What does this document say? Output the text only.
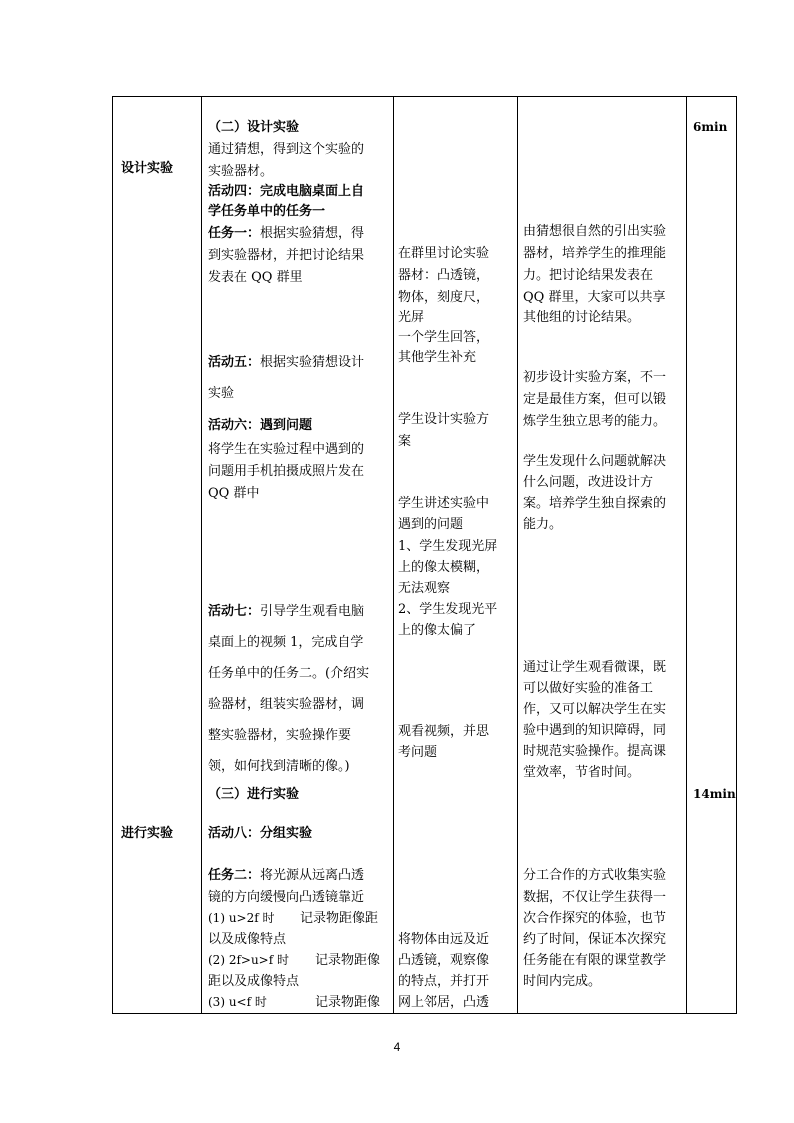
设计实验
进行实验
6min
14min
（二）设计实验
通过猜想，得到这个实验的
实验器材。
活动四：完成电脑桌面上自
学任务单中的任务一
任务一：根据实验猜想，得
到实验器材，并把讨论结果
发表在 QQ 群里
活动五：根据实验猜想设计
实验
活动六：遇到问题
将学生在实验过程中遇到的
问题用手机拍摄成照片发在
QQ 群中
活动七：引导学生观看电脑
桌面上的视频 1，完成自学
任务单中的任务二。(介绍实
验器材，组装实验器材，调
整实验器材，实验操作要
领，如何找到清晰的像。)
（三）进行实验
活动八：分组实验
任务二：将光源从远离凸透
镜的方向缓慢向凸透镜靠近
(1) u>2f 时 记录物距像距
以及成像特点
(2) 2f>u>f 时 记录物距像
距以及成像特点
(3) u<f 时	记录物距像
在群里讨论实验
器材：凸透镜，
物体，刻度尺，
光屏
一个学生回答，
其他学生补充
学生设计实验方
案
学生讲述实验中
遇到的问题
1、学生发现光屏
上的像太模糊，
无法观察
2、学生发现光平
上的像太偏了
观看视频，并思
考问题
将物体由远及近
凸透镜，观察像
的特点，并打开
网上邻居，凸透
由猜想很自然的引出实验
器材，培养学生的推理能
力。把讨论结果发表在
QQ 群里，大家可以共享
其他组的讨论结果。
初步设计实验方案，不一
定是最佳方案，但可以锻
炼学生独立思考的能力。
学生发现什么问题就解决
什么问题，改进设计方
案。培养学生独自探索的
能力。
通过让学生观看微课，既
可以做好实验的准备工
作，又可以解决学生在实
验中遇到的知识障碍，同
时规范实验操作。提高课
堂效率，节省时间。
分工合作的方式收集实验
数据，不仅让学生获得一
次合作探究的体验，也节
约了时间，保证本次探究
任务能在有限的课堂教学
时间内完成。
4
